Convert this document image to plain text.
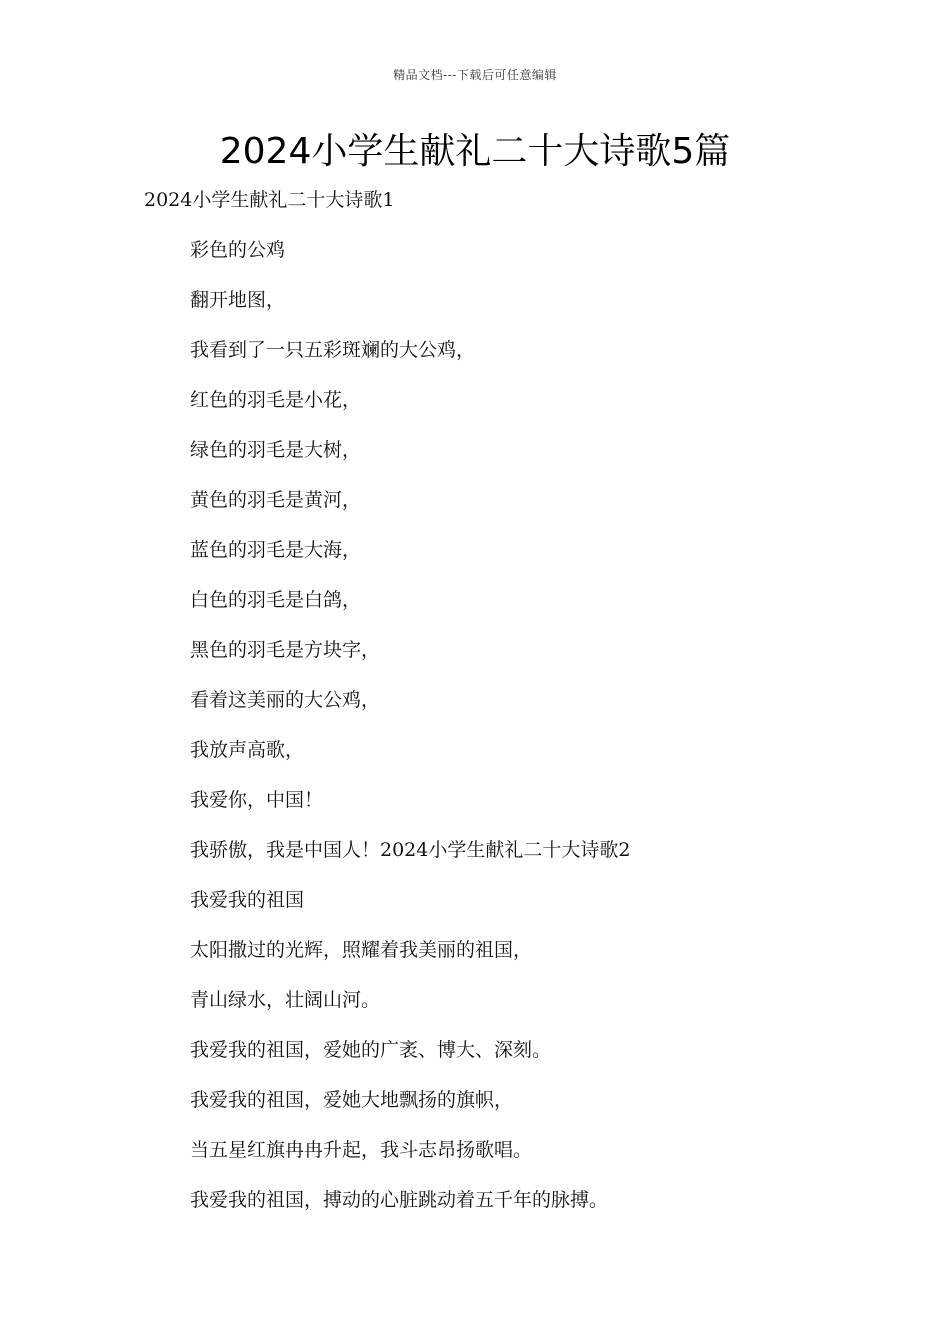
精品文档---下载后可任意编辑
2024小学生献礼二十大诗歌5篇
2024小学生献礼二十大诗歌1
彩色的公鸡
翻开地图，
我看到了一只五彩斑斓的大公鸡，
红色的羽毛是小花，
绿色的羽毛是大树，
黄色的羽毛是黄河，
蓝色的羽毛是大海，
白色的羽毛是白鸽，
黑色的羽毛是方块字，
看着这美丽的大公鸡，
我放声高歌，
我爱你，中国！
我骄傲，我是中国人！2024小学生献礼二十大诗歌2
我爱我的祖国
太阳撒过的光辉，照耀着我美丽的祖国，
青山绿水，壮阔山河。
我爱我的祖国，爱她的广袤、博大、深刻。
我爱我的祖国，爱她大地飘扬的旗帜，
当五星红旗冉冉升起，我斗志昂扬歌唱。
我爱我的祖国，搏动的心脏跳动着五千年的脉搏。
